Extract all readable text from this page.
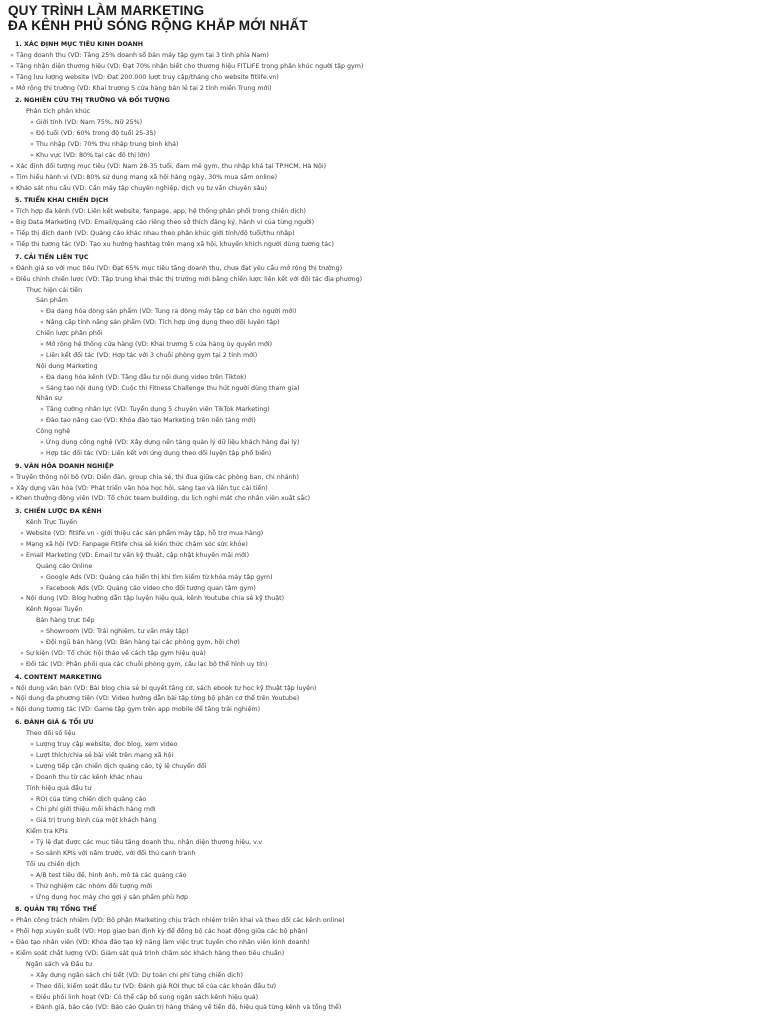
QUY TRÌNH LÀM MARKETING
ĐA KÊNH PHỦ SÓNG RỘNG KHẮP MỚI NHẤT
1. XÁC ĐỊNH MỤC TIÊU KINH DOANH
» Tăng doanh thu (VD: Tăng 25% doanh số bán máy tập gym tại 3 tỉnh phía Nam)
» Tăng nhận diện thương hiệu (VD: Đạt 70% nhận biết cho thương hiệu FITLIFE trong phân khúc người tập gym)
» Tăng lưu lượng website (VD: Đạt 200.000 lượt truy cập/tháng cho website fitlife.vn)
» Mở rộng thị trường (VD: Khai trương 5 cửa hàng bán lẻ tại 2 tỉnh miền Trung mới)
2. NGHIÊN CỨU THỊ TRƯỜNG VÀ ĐỐI TƯỢNG
Phân tích phân khúc
» Giới tính (VD: Nam 75%, Nữ 25%)
» Độ tuổi (VD: 60% trong độ tuổi 25-35)
» Thu nhập (VD: 70% thu nhập trung bình khá)
» Khu vực (VD: 80% tại các đô thị lớn)
» Xác định đối tượng mục tiêu (VD: Nam 28-35 tuổi, đam mê gym, thu nhập khá tại TP.HCM, Hà Nội)
» Tìm hiểu hành vi (VD: 80% sử dụng mạng xã hội hàng ngày, 30% mua sắm online)
» Khảo sát nhu cầu (VD: Cần máy tập chuyên nghiệp, dịch vụ tư vấn chuyên sâu)
5. TRIỂN KHAI CHIẾN DỊCH
» Tích hợp đa kênh (VD: Liên kết website, fanpage, app, hệ thống phân phối trong chiến dịch)
» Big Data Marketing (VD: Email/quảng cáo riêng theo sở thích đăng ký, hành vi của từng người)
» Tiếp thị đích danh (VD: Quảng cáo khác nhau theo phân khúc giới tính/độ tuổi/thu nhập)
» Tiếp thị tương tác (VD: Tạo xu hướng hashtag trên mạng xã hội, khuyến khích người dùng tương tác)
7. CẢI TIẾN LIÊN TỤC
» Đánh giá so với mục tiêu (VD: Đạt 65% mục tiêu tăng doanh thu, chưa đạt yêu cầu mở rộng thị trường)
» Điều chỉnh chiến lược (VD: Tập trung khai thác thị trường mới bằng chiến lược liên kết với đối tác địa phương)
Thực hiện cải tiến
Sản phẩm
» Đa dạng hóa dòng sản phẩm (VD: Tung ra dòng máy tập cơ bản cho người mới)
» Nâng cấp tính năng sản phẩm (VD: Tích hợp ứng dụng theo dõi luyện tập)
Chiến lược phân phối
» Mở rộng hệ thống cửa hàng (VD: Khai trương 5 cửa hàng ủy quyền mới)
» Liên kết đối tác (VD: Hợp tác với 3 chuỗi phòng gym tại 2 tỉnh mới)
Nội dung Marketing
» Đa dạng hóa kênh (VD: Tăng đầu tư nội dung video trên Tiktok)
» Sáng tạo nội dung (VD: Cuộc thi Fitness Challenge thu hút người dùng tham gia)
Nhân sự
» Tăng cường nhân lực (VD: Tuyển dụng 5 chuyên viên TikTok Marketing)
» Đào tạo nâng cao (VD: Khóa đào tạo Marketing trên nền tảng mới)
Công nghệ
» Ứng dụng công nghệ (VD: Xây dựng nền tảng quản lý dữ liệu khách hàng đại lý)
» Hợp tác đối tác (VD: Liên kết với ứng dụng theo dõi luyện tập phổ biến)
9. VĂN HÓA DOANH NGHIỆP
» Truyền thông nội bộ (VD: Diễn đàn, group chia sẻ, thi đua giữa các phòng ban, chi nhánh)
» Xây dựng văn hóa (VD: Phát triển văn hóa học hỏi, sáng tạo và liên tục cải tiến)
» Khen thưởng động viên (VD: Tổ chức team building, du lịch nghỉ mát cho nhân viên xuất sắc)
3. CHIẾN LƯỢC ĐA KÊNH
Kênh Trực Tuyến
» Website (VD: fitlife.vn - giới thiệu các sản phẩm máy tập, hỗ trợ mua hàng)
» Mạng xã hội (VD: Fanpage Fitlife chia sẻ kiến thức chăm sóc sức khỏe)
» Email Marketing (VD: Email tư vấn kỹ thuật, cập nhật khuyến mãi mới)
Quảng cáo Online
» Google Ads (VD: Quảng cáo hiển thị khi tìm kiếm từ khóa máy tập gym)
» Facebook Ads (VD: Quảng cáo video cho đối tượng quan tâm gym)
» Nội dung (VD: Blog hướng dẫn tập luyện hiệu quả, kênh Youtube chia sẻ kỹ thuật)
Kênh Ngoại Tuyến
Bán hàng trực tiếp
» Showroom (VD: Trải nghiệm, tư vấn máy tập)
» Đội ngũ bán hàng (VD: Bán hàng tại các phòng gym, hội chợ)
» Sự kiện (VD: Tổ chức hội thảo về cách tập gym hiệu quả)
» Đối tác (VD: Phân phối qua các chuỗi phòng gym, câu lạc bộ thể hình uy tín)
4. CONTENT MARKETING
» Nội dung văn bản (VD: Bài blog chia sẻ bí quyết tăng cơ, sách ebook tự học kỹ thuật tập luyện)
» Nội dung đa phương tiện (VD: Video hướng dẫn bài tập từng bộ phận cơ thể trên Youtube)
» Nội dung tương tác (VD: Game tập gym trên app mobile để tăng trải nghiệm)
6. ĐÁNH GIÁ & TỐI ƯU
Theo dõi số liệu
» Lượng truy cập website, đọc blog, xem video
» Lượt thích/chia sẻ bài viết trên mạng xã hội
» Lượng tiếp cận chiến dịch quảng cáo, tỷ lệ chuyển đổi
» Doanh thu từ các kênh khác nhau
Tính hiệu quả đầu tư
» ROI của từng chiến dịch quảng cáo
» Chi phí giới thiệu mỗi khách hàng mới
» Giá trị trung bình của một khách hàng
Kiểm tra KPIs
» Tỷ lệ đạt được các mục tiêu tăng doanh thu, nhận diện thương hiệu, v.v
» So sánh KPIs với năm trước, với đối thủ cạnh tranh
Tối ưu chiến dịch
» A/B test tiêu đề, hình ảnh, mô tả các quảng cáo
» Thử nghiệm các nhóm đối tượng mới
» Ứng dụng học máy cho gợi ý sản phẩm phù hợp
8. QUẢN TRỊ TỔNG THỂ
» Phân công trách nhiệm (VD: Bộ phận Marketing chịu trách nhiệm triển khai và theo dõi các kênh online)
» Phối hợp xuyên suốt (VD: Họp giao ban định kỳ để đồng bộ các hoạt động giữa các bộ phận)
» Đào tạo nhân viên (VD: Khóa đào tạo kỹ năng làm việc trực tuyến cho nhân viên kinh doanh)
» Kiểm soát chất lượng (VD: Giám sát quá trình chăm sóc khách hàng theo tiêu chuẩn)
Ngân sách và Đầu tư
» Xây dựng ngân sách chi tiết (VD: Dự toán chi phí từng chiến dịch)
» Theo dõi, kiểm soát đầu tư (VD: Đánh giá ROI thực tế của các khoản đầu tư)
» Điều phối linh hoạt (VD: Có thể cấp bổ sung ngân sách kênh hiệu quả)
» Đánh giá, báo cáo (VD: Báo cáo Quản trị hàng tháng về tiến độ, hiệu quả từng kênh và tổng thể)
